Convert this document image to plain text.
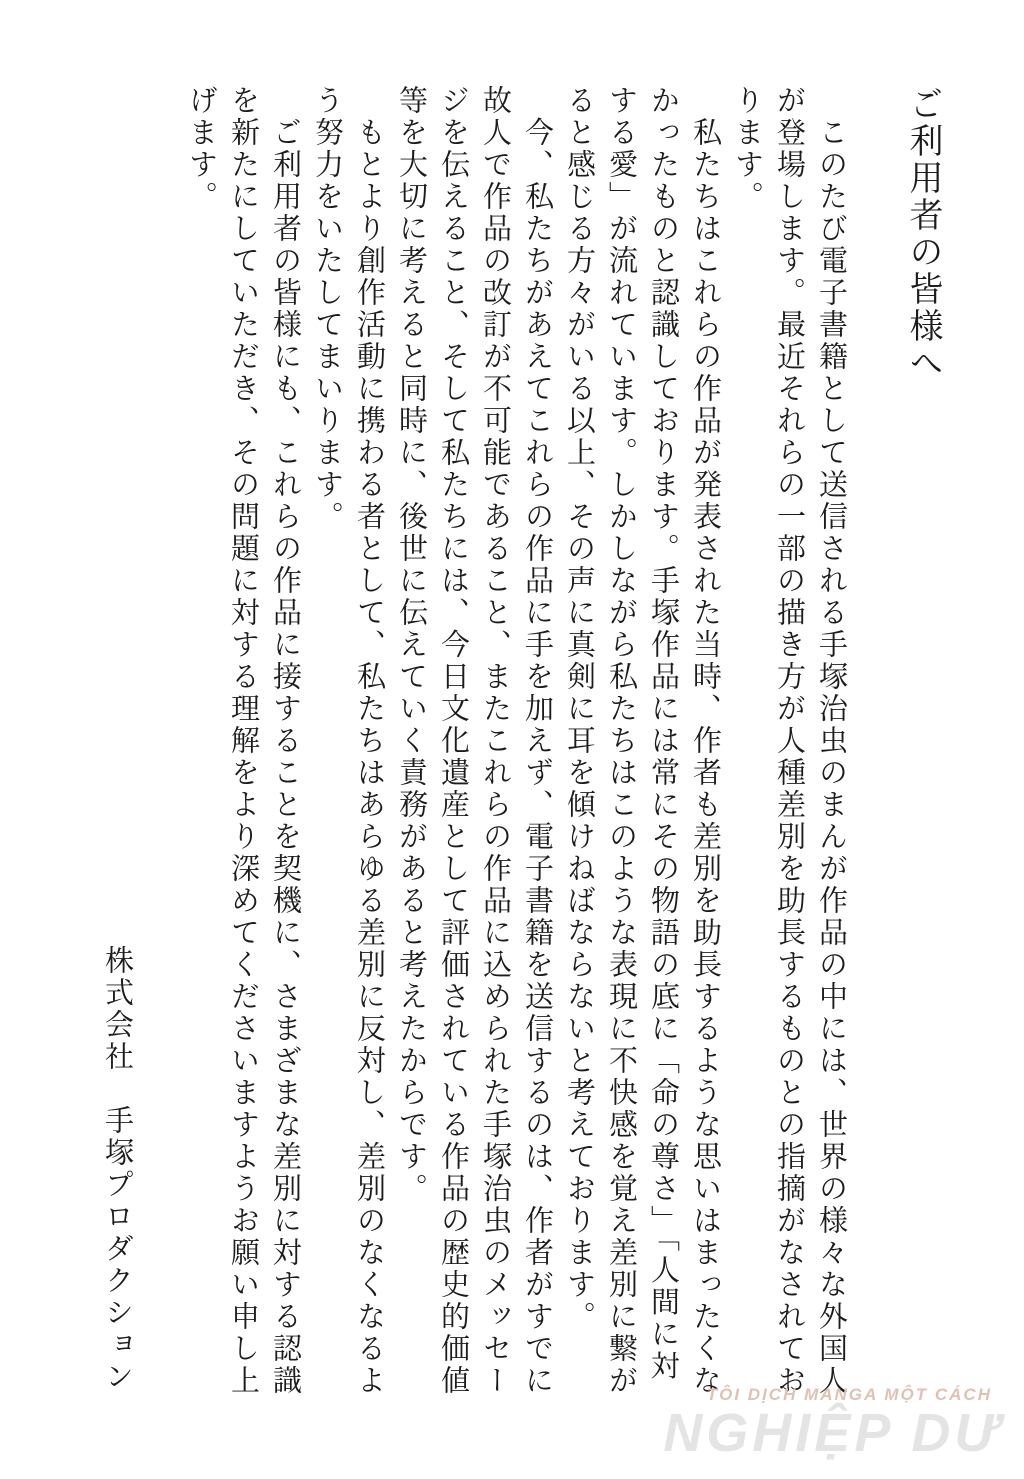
ご利用者の皆様へ

　このたび電子書籍として送信される手塚治虫のまんが作品の中には、世界の様々な外国人が登場します。最近それらの一部の描き方が人種差別を助長するものとの指摘がなされております。

　私たちはこれらの作品が発表された当時、作者も差別を助長するような思いはまったくなかったものと認識しております。手塚作品には常にその物語の底に「命の尊さ」「人間に対する愛」が流れています。しかしながら私たちはこのような表現に不快感を覚え差別に繋がると感じる方々がいる以上、その声に真剣に耳を傾けねばならないと考えております。

　今、私たちがあえてこれらの作品に手を加えず、電子書籍を送信するのは、作者がすでに故人で作品の改訂が不可能であること、またこれらの作品に込められた手塚治虫のメッセージを伝えること、そして私たちには、今日文化遺産として評価されている作品の歴史的価値等を大切に考えると同時に、後世に伝えていく責務があると考えたからです。

　もとより創作活動に携わる者として、私たちはあらゆる差別に反対し、差別のなくなるよう努力をいたしてまいります。

　ご利用者の皆様にも、これらの作品に接することを契機に、さまざまな差別に対する認識を新たにしていただき、その問題に対する理解をより深めてくださいますようお願い申し上げます。

株式会社　手塚プロダクション
TÔI DỊCH MANGA MỘT CÁCH
NGHIỆP DƯ
